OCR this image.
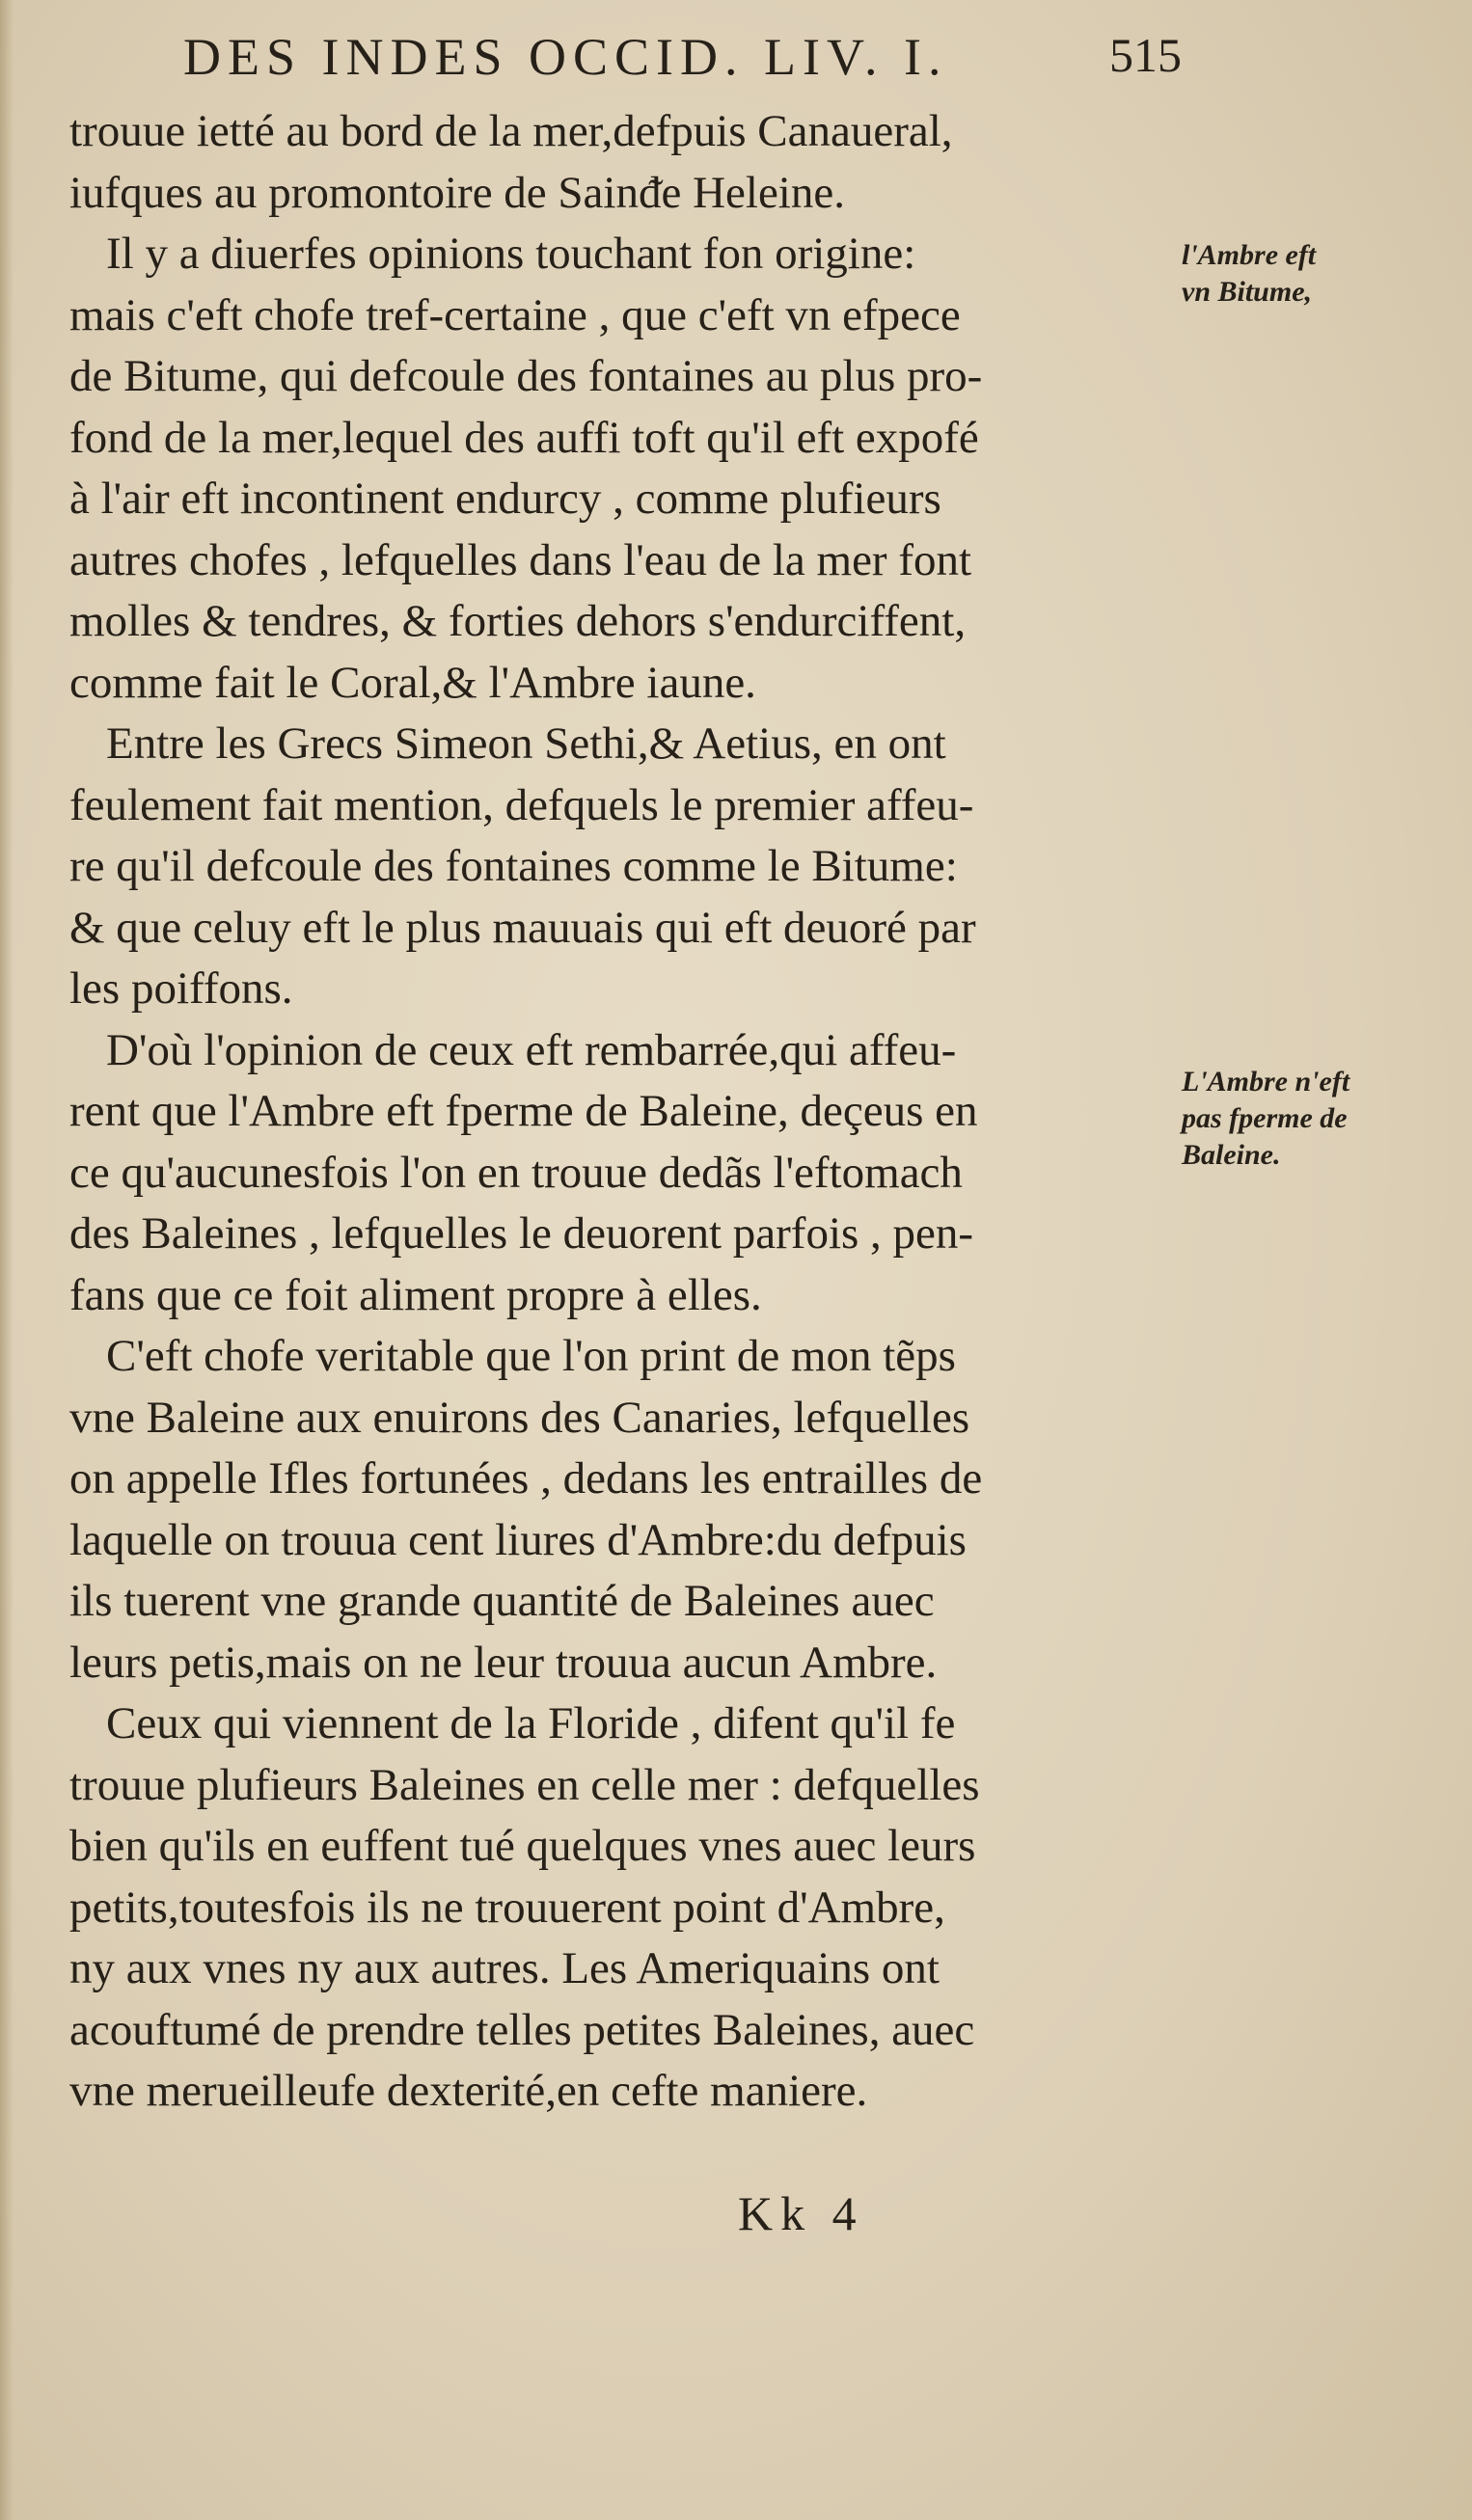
DES INDES OCCID. LIV. I.	515
trouue ietté au bord de la mer,defpuis Canaueral,
iufques au promontoire de Sainᵭe Heleine.
Il y a diuerfes opinions touchant fon origine:
mais c'eft chofe tref-certaine , que c'eft vn efpece
de Bitume, qui defcoule des fontaines au plus pro-
fond de la mer,lequel des auffi toft qu'il eft expofé
à l'air eft incontinent endurcy , comme plufieurs
autres chofes , lefquelles dans l'eau de la mer font
molles & tendres, & forties dehors s'endurciffent,
comme fait le Coral,& l'Ambre iaune.
Entre les Grecs Simeon Sethi,& Aetius, en ont
feulement fait mention, defquels le premier affeu-
re qu'il defcoule des fontaines comme le Bitume:
& que celuy eft le plus mauuais qui eft deuoré par
les poiffons.
D'où l'opinion de ceux eft rembarrée,qui affeu-
rent que l'Ambre eft fperme de Baleine, deçeus en
ce qu'aucunesfois l'on en trouue dedãs l'eftomach
des Baleines , lefquelles le deuorent parfois , pen-
fans que ce foit aliment propre à elles.
C'eft chofe veritable que l'on print de mon tẽps
vne Baleine aux enuirons des Canaries, lefquelles
on appelle Ifles fortunées , dedans les entrailles de
laquelle on trouua cent liures d'Ambre:du defpuis
ils tuerent vne grande quantité de Baleines auec
leurs petis,mais on ne leur trouua aucun Ambre.
Ceux qui viennent de la Floride , difent qu'il fe
trouue plufieurs Baleines en celle mer : defquelles
bien qu'ils en euffent tué quelques vnes auec leurs
petits,toutesfois ils ne trouuerent point d'Ambre,
ny aux vnes ny aux autres. Les Ameriquains ont
acouftumé de prendre telles petites Baleines, auec
vne merueilleufe dexterité,en cefte maniere.
l'Ambre eft
vn Bitume,
L'Ambre n'eft
pas fperme de
Baleine.
Kk 4
